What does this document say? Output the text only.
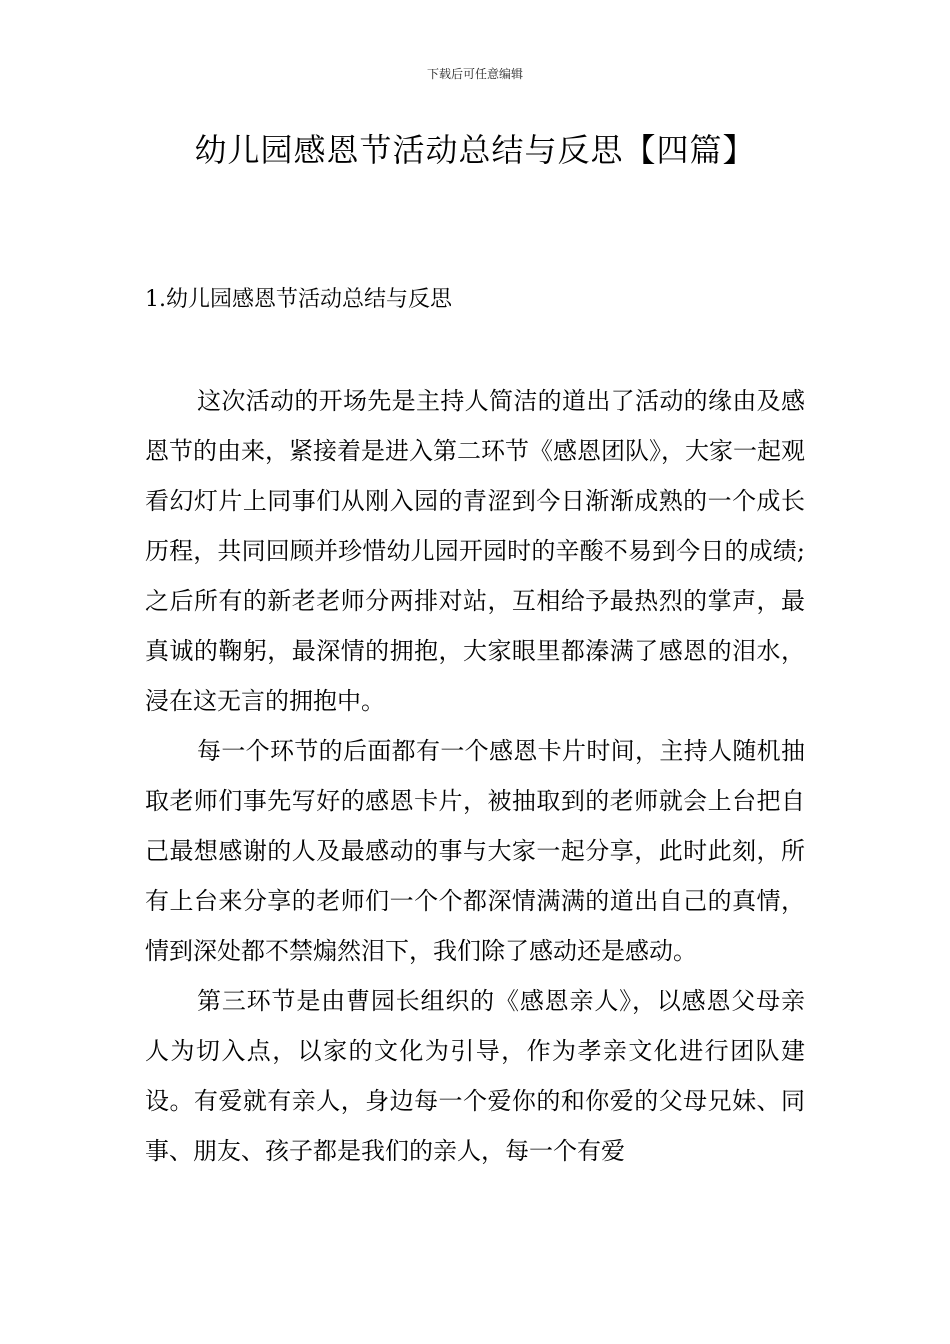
下载后可任意编辑
幼儿园感恩节活动总结与反思【四篇】
1.幼儿园感恩节活动总结与反思

这次活动的开场先是主持人简洁的道出了活动的缘由及感恩节的由来，紧接着是进入第二环节《感恩团队》，大家一起观看幻灯片上同事们从刚入园的青涩到今日渐渐成熟的一个成长历程，共同回顾并珍惜幼儿园开园时的辛酸不易到今日的成绩;之后所有的新老老师分两排对站，互相给予最热烈的掌声，最真诚的鞠躬，最深情的拥抱，大家眼里都溱满了感恩的泪水，浸在这无言的拥抱中。

每一个环节的后面都有一个感恩卡片时间，主持人随机抽取老师们事先写好的感恩卡片，被抽取到的老师就会上台把自己最想感谢的人及最感动的事与大家一起分享，此时此刻，所有上台来分享的老师们一个个都深情满满的道出自己的真情，情到深处都不禁煽然泪下，我们除了感动还是感动。

第三环节是由曹园长组织的《感恩亲人》，以感恩父母亲人为切入点，以家的文化为引导，作为孝亲文化进行团队建设。有爱就有亲人，身边每一个爱你的和你爱的父母兄妹、同事、朋友、孩子都是我们的亲人，每一个有爱
